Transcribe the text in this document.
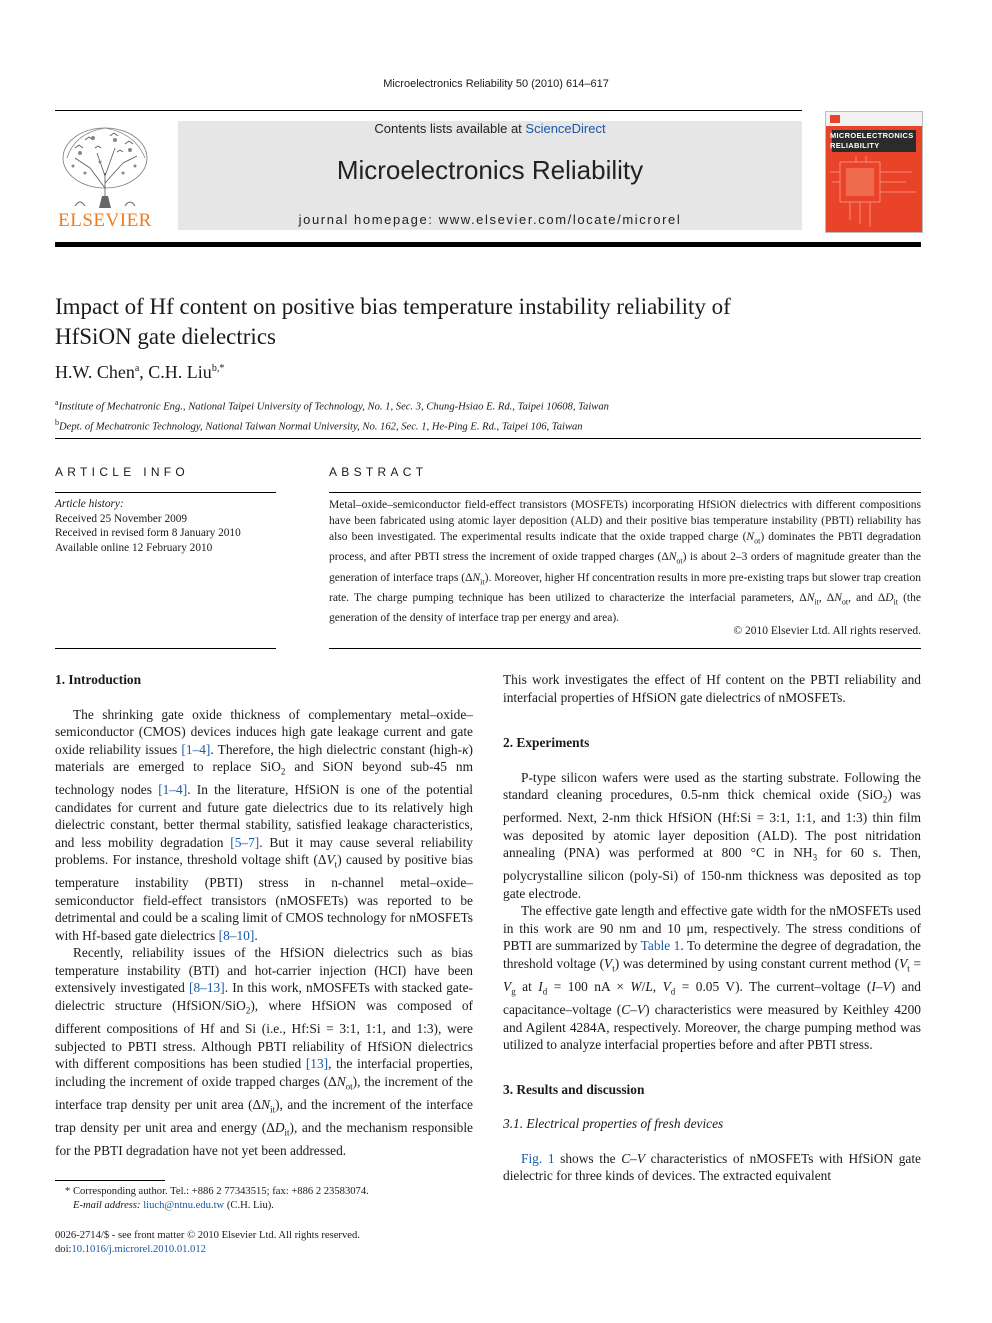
Microelectronics Reliability 50 (2010) 614–617
ELSEVIER
Contents lists available at ScienceDirect
Microelectronics Reliability
journal homepage: www.elsevier.com/locate/microrel
MICROELECTRONICS RELIABILITY
Impact of Hf content on positive bias temperature instability reliability of
HfSiON gate dielectrics
H.W. Chen$^a$, C.H. Liu$^{b,*}$
$^a$Institute of Mechatronic Eng., National Taipei University of Technology, No. 1, Sec. 3, Chung-Hsiao E. Rd., Taipei 10608, Taiwan
$^b$Dept. of Mechatronic Technology, National Taiwan Normal University, No. 162, Sec. 1, He-Ping E. Rd., Taipei 106, Taiwan
ARTICLE INFO
Article history:
Received 25 November 2009
Received in revised form 8 January 2010
Available online 12 February 2010
ABSTRACT
Metal–oxide–semiconductor field-effect transistors (MOSFETs) incorporating HfSiON dielectrics with different compositions have been fabricated using atomic layer deposition (ALD) and their positive bias temperature instability (PBTI) reliability has also been investigated. The experimental results indicate that the oxide trapped charge $(N_{ot})$ dominates the PBTI degradation process, and after PBTI stress the increment of oxide trapped charges $(\Delta N_{ot})$ is about 2–3 orders of magnitude greater than the generation of interface traps $(\Delta N_{it})$. Moreover, higher Hf concentration results in more pre-existing traps but slower trap creation rate. The charge pumping technique has been utilized to characterize the interfacial parameters, $\Delta N_{it}$, $\Delta N_{ot}$, and $\Delta D_{it}$ (the generation of the density of interface trap per energy and area).
© 2010 Elsevier Ltd. All rights reserved.
1. Introduction

The shrinking gate oxide thickness of complementary metal–oxide–semiconductor (CMOS) devices induces high gate leakage current and gate oxide reliability issues [1–4]. Therefore, the high dielectric constant (high-κ) materials are emerged to replace SiO$_2$ and SiON beyond sub-45 nm technology nodes [1–4]. In the literature, HfSiON is one of the potential candidates for current and future gate dielectrics due to its relatively high dielectric constant, better thermal stability, satisfied leakage characteristics, and less mobility degradation [5–7]. But it may cause several reliability problems. For instance, threshold voltage shift $(\Delta V_t)$ caused by positive bias temperature instability (PBTI) stress in n-channel metal–oxide–semiconductor field-effect transistors (nMOSFETs) was reported to be detrimental and could be a scaling limit of CMOS technology for nMOSFETs with Hf-based gate dielectrics [8–10].

Recently, reliability issues of the HfSiON dielectrics such as bias temperature instability (BTI) and hot-carrier injection (HCI) have been extensively investigated [8–13]. In this work, nMOSFETs with stacked gate-dielectric structure (HfSiON/SiO$_2$), where HfSiON was composed of different compositions of Hf and Si (i.e., Hf:Si = 3:1, 1:1, and 1:3), were subjected to PBTI stress. Although PBTI reliability of HfSiON dielectrics with different compositions has been studied [13], the interfacial properties, including the increment of oxide trapped charges $(\Delta N_{ot})$, the increment of the interface trap density per unit area $(\Delta N_{it})$, and the increment of the interface trap density per unit area and energy $(\Delta D_{it})$, and the mechanism responsible for the PBTI degradation have not yet been addressed.

* Corresponding author. Tel.: +886 2 77343515; fax: +886 2 23583074.
E-mail address: liuch@ntnu.edu.tw (C.H. Liu).
0026-2714/$ - see front matter © 2010 Elsevier Ltd. All rights reserved.
doi:10.1016/j.microrel.2010.01.012

This work investigates the effect of Hf content on the PBTI reliability and interfacial properties of HfSiON gate dielectrics of nMOSFETs.

2. Experiments

P-type silicon wafers were used as the starting substrate. Following the standard cleaning procedures, 0.5-nm thick chemical oxide (SiO$_2$) was performed. Next, 2-nm thick HfSiON (Hf:Si = 3:1, 1:1, and 1:3) thin film was deposited by atomic layer deposition (ALD). The post nitridation annealing (PNA) was performed at 800 °C in $NH_3$ for 60 s. Then, polycrystalline silicon (poly-Si) of 150-nm thickness was deposited as top gate electrode.

The effective gate length and effective gate width for the nMOSFETs used in this work are 90 nm and 10 μm, respectively. The stress conditions of PBTI are summarized by Table 1. To determine the degree of degradation, the threshold voltage $(V_t)$ was determined by using constant current method ($V_t = V_g$ at $I_d = 100$ nA × W/L, $V_d = 0.05$ V). The current–voltage (I–V) and capacitance–voltage (C–V) characteristics were measured by Keithley 4200 and Agilent 4284A, respectively. Moreover, the charge pumping method was utilized to analyze interfacial properties before and after PBTI stress.

3. Results and discussion
3.1. Electrical properties of fresh devices

Fig. 1 shows the C–V characteristics of nMOSFETs with HfSiON gate dielectric for three kinds of devices. The extracted equivalent
